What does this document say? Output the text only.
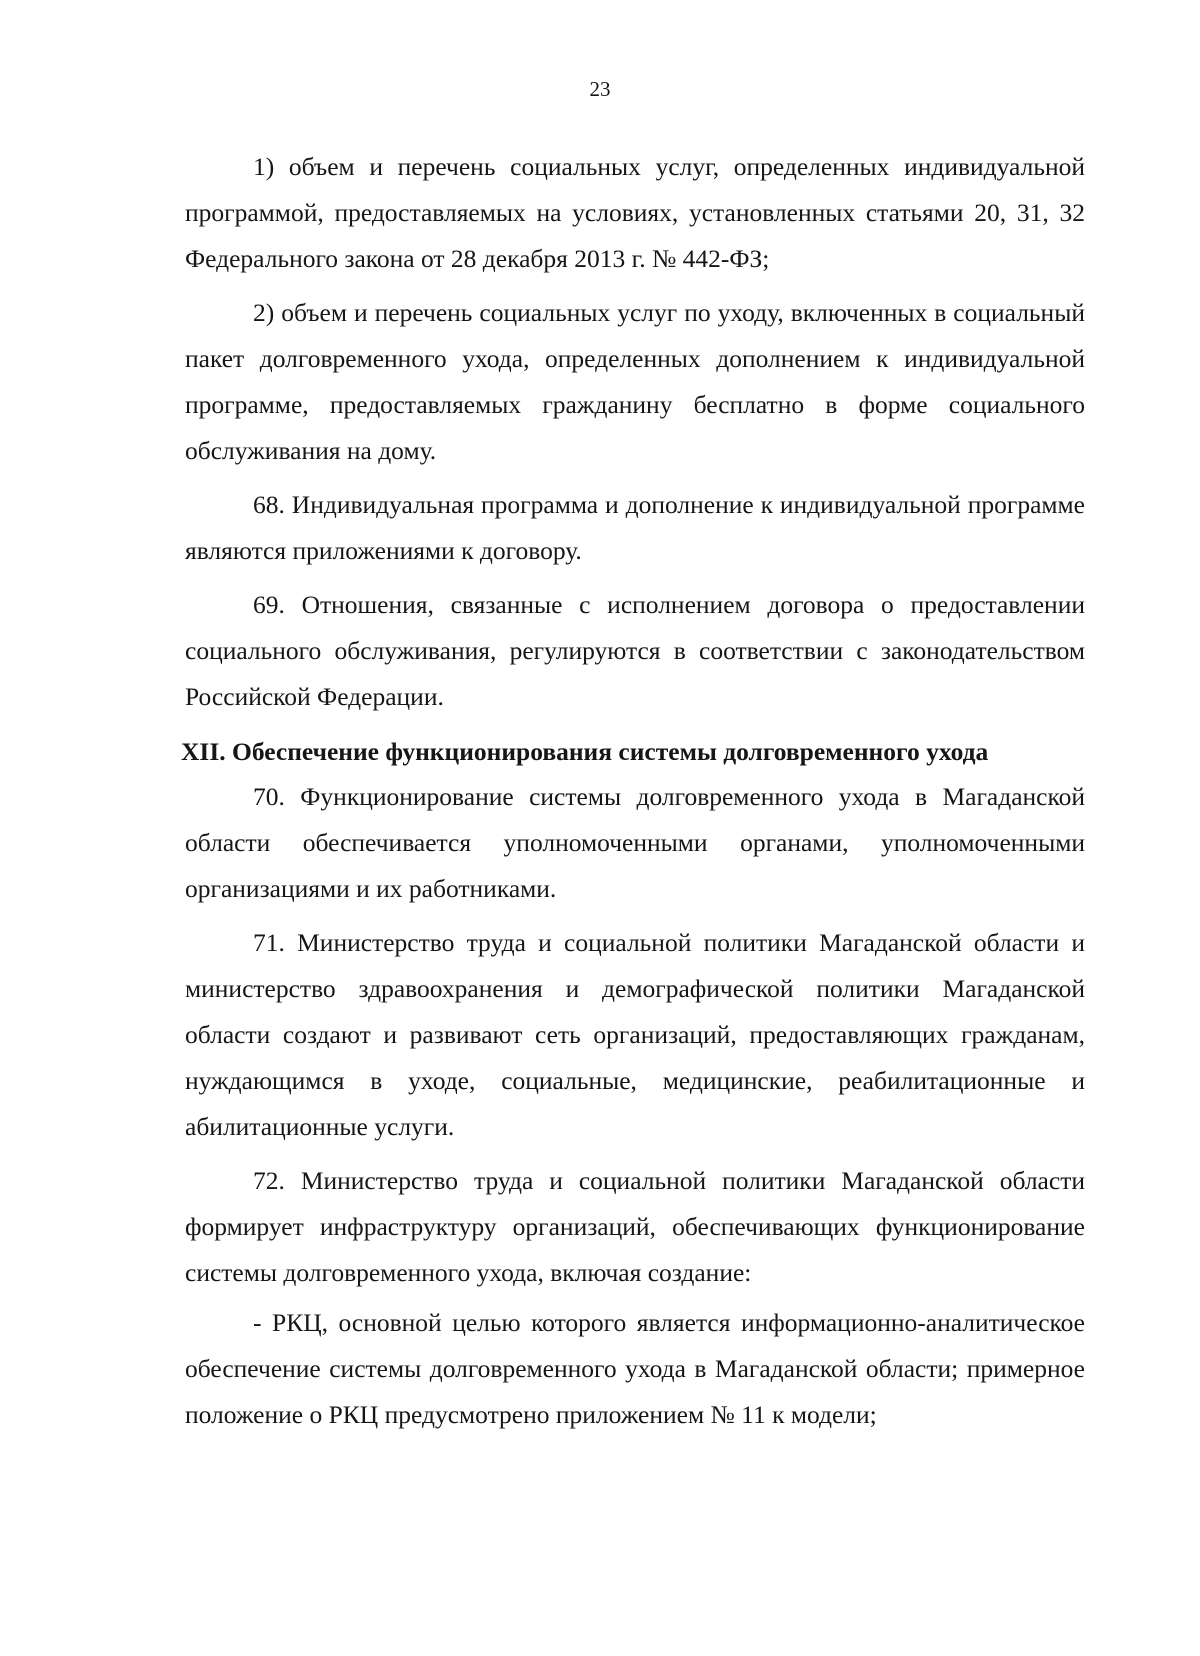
23

1) объем и перечень социальных услуг, определенных индивидуальной программой, предоставляемых на условиях, установленных статьями 20, 31, 32 Федерального закона от 28 декабря 2013 г. № 442-ФЗ;

2) объем и перечень социальных услуг по уходу, включенных в социальный пакет долговременного ухода, определенных дополнением к индивидуальной программе, предоставляемых гражданину бесплатно в форме социального обслуживания на дому.

68. Индивидуальная программа и дополнение к индивидуальной программе являются приложениями к договору.

69. Отношения, связанные с исполнением договора о предоставлении социального обслуживания, регулируются в соответствии с законодательством Российской Федерации.

XII. Обеспечение функционирования системы долговременного ухода

70. Функционирование системы долговременного ухода в Магаданской области обеспечивается уполномоченными органами, уполномоченными организациями и их работниками.

71. Министерство труда и социальной политики Магаданской области и министерство здравоохранения и демографической политики Магаданской области создают и развивают сеть организаций, предоставляющих гражданам, нуждающимся в уходе, социальные, медицинские, реабилитационные и абилитационные услуги.

72. Министерство труда и социальной политики Магаданской области формирует инфраструктуру организаций, обеспечивающих функционирование системы долговременного ухода, включая создание:

- РКЦ, основной целью которого является информационно-аналитическое обеспечение системы долговременного ухода в Магаданской области; примерное положение о РКЦ предусмотрено приложением № 11 к модели;
